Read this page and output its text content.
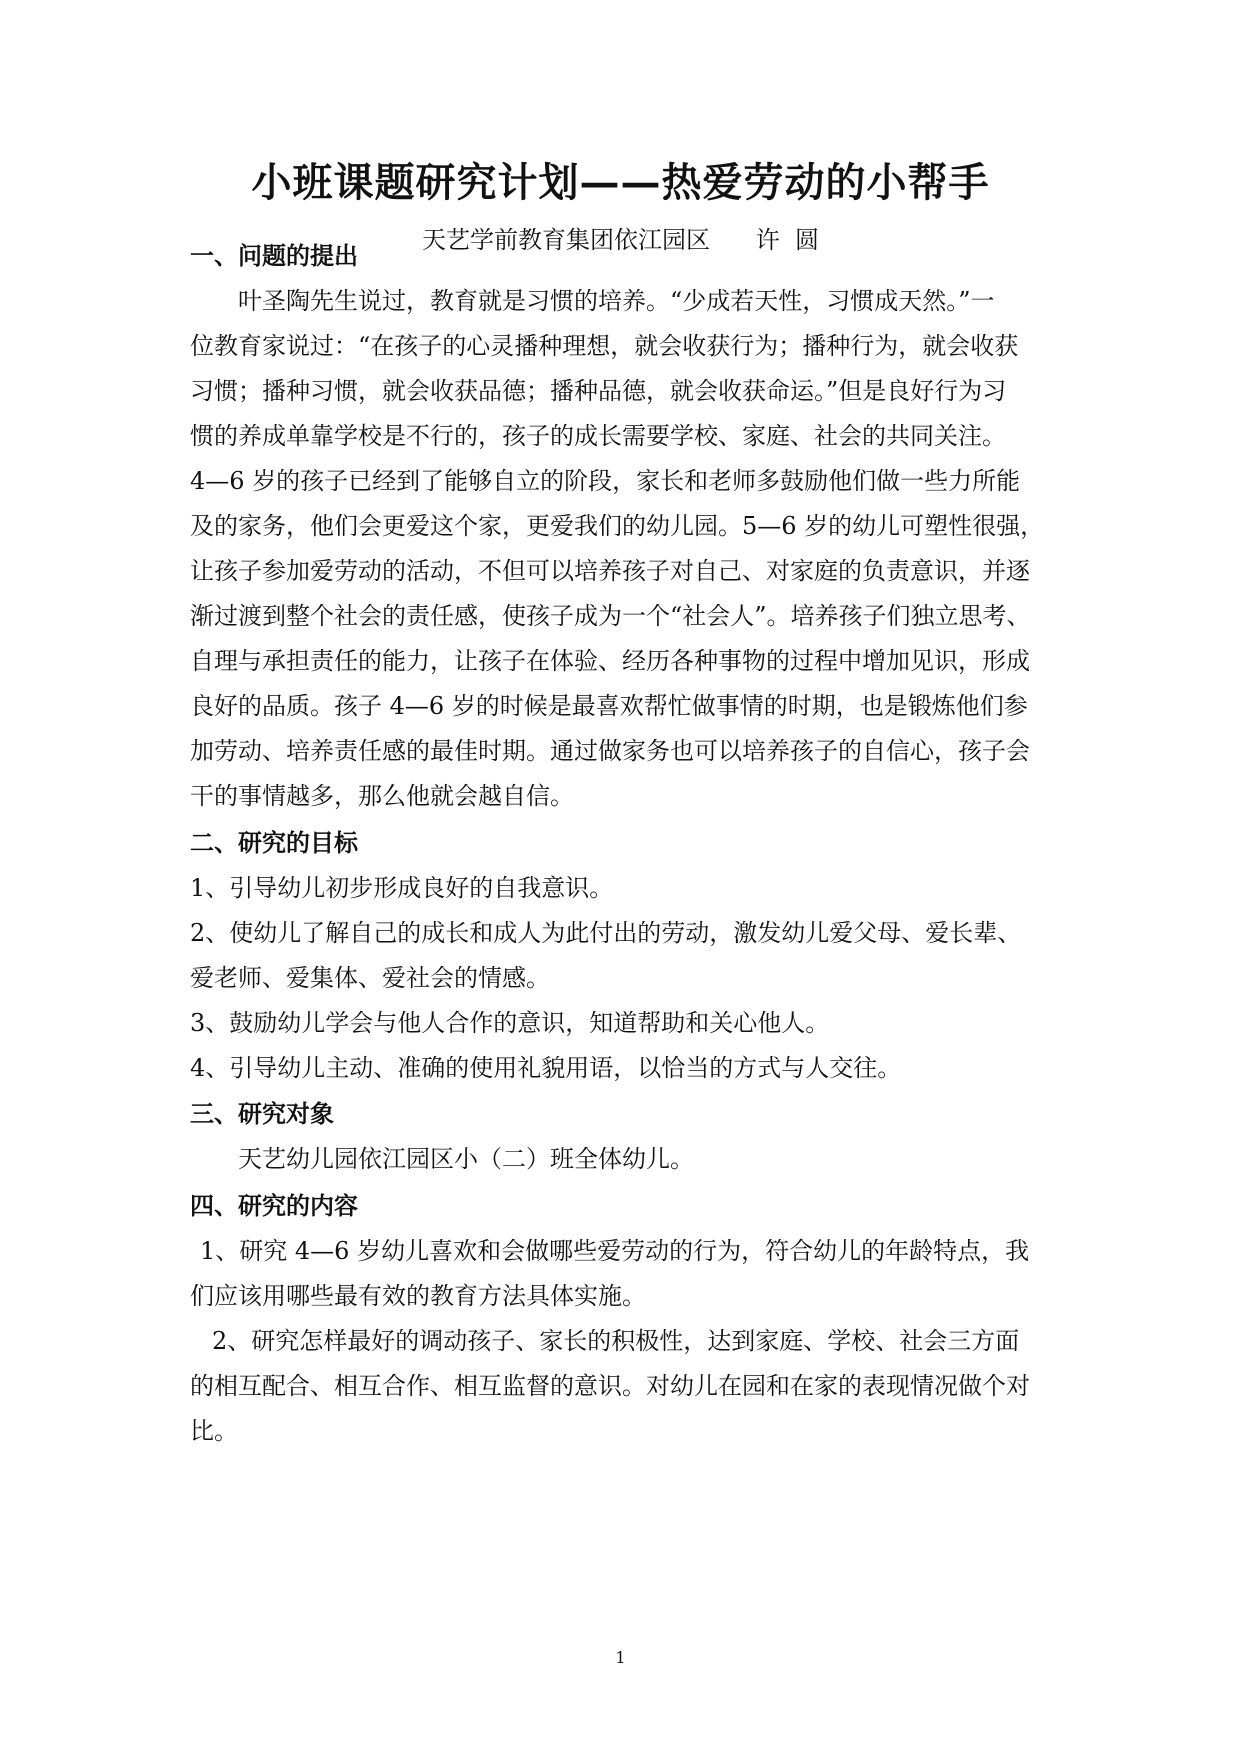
小班课题研究计划——热爱劳动的小帮手
天艺学前教育集团依江园区      许  圆
一、问题的提出
叶圣陶先生说过，教育就是习惯的培养。“少成若天性，习惯成天然。”一
位教育家说过：“在孩子的心灵播种理想，就会收获行为；播种行为，就会收获
习惯；播种习惯，就会收获品德；播种品德，就会收获命运。”但是良好行为习
惯的养成单靠学校是不行的，孩子的成长需要学校、家庭、社会的共同关注。
4—6 岁的孩子已经到了能够自立的阶段，家长和老师多鼓励他们做一些力所能
及的家务，他们会更爱这个家，更爱我们的幼儿园。5—6 岁的幼儿可塑性很强，
让孩子参加爱劳动的活动，不但可以培养孩子对自己、对家庭的负责意识，并逐
渐过渡到整个社会的责任感，使孩子成为一个“社会人”。培养孩子们独立思考、
自理与承担责任的能力，让孩子在体验、经历各种事物的过程中增加见识，形成
良好的品质。孩子 4—6 岁的时候是最喜欢帮忙做事情的时期，也是锻炼他们参
加劳动、培养责任感的最佳时期。通过做家务也可以培养孩子的自信心，孩子会
干的事情越多，那么他就会越自信。
二、研究的目标
1、引导幼儿初步形成良好的自我意识。
2、使幼儿了解自己的成长和成人为此付出的劳动，激发幼儿爱父母、爱长辈、
爱老师、爱集体、爱社会的情感。
3、鼓励幼儿学会与他人合作的意识，知道帮助和关心他人。
4、引导幼儿主动、准确的使用礼貌用语，以恰当的方式与人交往。
三、研究对象
天艺幼儿园依江园区小（二）班全体幼儿。
四、研究的内容
1、研究 4—6 岁幼儿喜欢和会做哪些爱劳动的行为，符合幼儿的年龄特点，我
们应该用哪些最有效的教育方法具体实施。
2、研究怎样最好的调动孩子、家长的积极性，达到家庭、学校、社会三方面
的相互配合、相互合作、相互监督的意识。对幼儿在园和在家的表现情况做个对
比。
1
